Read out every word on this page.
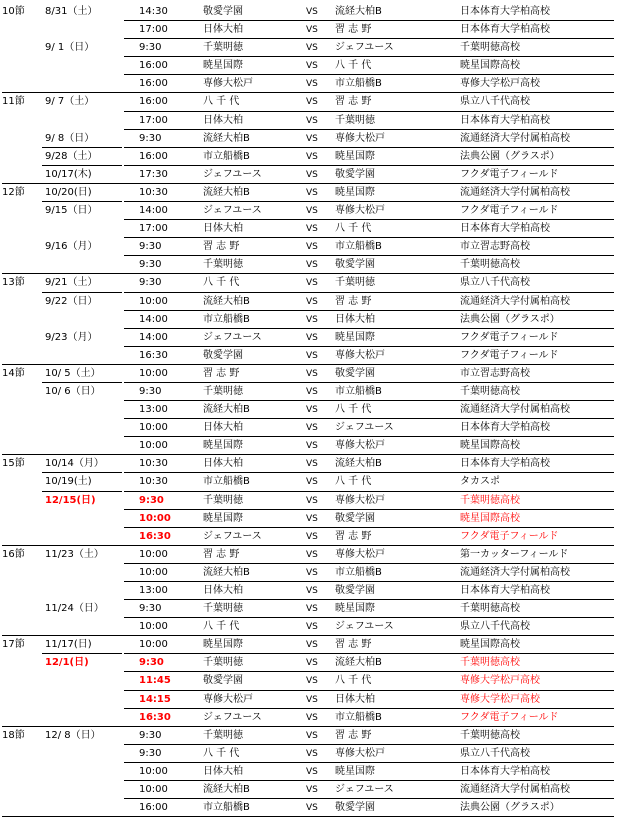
10節 8/31（土）	14:30	敬愛学園	VS 流経大柏B	日本体育大学柏高校
17:00	日体大柏	VS 習 志 野	日本体育大学柏高校
9/ 1（日）	9:30	千葉明徳	VS ジェフユース	千葉明徳高校
16:00	暁星国際	VS 八 千 代	暁星国際高校
16:00	専修大松戸	VS 市立船橋B	専修大学松戸高校
11節 9/ 7（土）	16:00	八 千 代	VS 習 志 野	県立八千代高校
17:00	日体大柏	VS 千葉明徳	日本体育大学柏高校
9/ 8（日）	9:30	流経大柏B	VS 専修大松戸	流通経済大学付属柏高校
9/28（土）	16:00	市立船橋B	VS 暁星国際	法典公園（グラスポ）
10/17(木)	17:30	ジェフユース	VS 敬愛学園	フクダ電子フィールド
12節 10/20(日)	10:30	流経大柏B	VS 暁星国際	流通経済大学付属柏高校
9/15（日）	14:00	ジェフユース	VS 専修大松戸	フクダ電子フィールド
17:00	日体大柏	VS 八 千 代	日本体育大学柏高校
9/16（月）	9:30	習 志 野	VS 市立船橋B	市立習志野高校
9:30	千葉明徳	VS 敬愛学園	千葉明徳高校
13節 9/21（土）	9:30	八 千 代	VS 千葉明徳	県立八千代高校
9/22（日）	10:00	流経大柏B	VS 習 志 野	流通経済大学付属柏高校
14:00	市立船橋B	VS 日体大柏	法典公園（グラスポ）
9/23（月）	14:00	ジェフユース	VS 暁星国際	フクダ電子フィールド
16:30	敬愛学園	VS 専修大松戸	フクダ電子フィールド
14節 10/ 5（土）	10:00	習 志 野	VS 敬愛学園	市立習志野高校
10/ 6（日）	9:30	千葉明徳	VS 市立船橋B	千葉明徳高校
13:00	流経大柏B	VS 八 千 代	流通経済大学付属柏高校
10:00	日体大柏	VS ジェフユース	日本体育大学柏高校
10:00	暁星国際	VS 専修大松戸	暁星国際高校
15節 10/14（月）	10:30	日体大柏	VS 流経大柏B	日本体育大学柏高校
10/19(土)	10:30	市立船橋B	VS 八 千 代	タカスポ
12/15(日)	9:30	千葉明徳	VS 専修大松戸	千葉明徳高校
10:00	暁星国際	VS 敬愛学園	暁星国際高校
16:30	ジェフユース	VS 習 志 野	フクダ電子フィールド
16節 11/23（土）	10:00	習 志 野	VS 専修大松戸	第一カッターフィールド
10:00	流経大柏B	VS 市立船橋B	流通経済大学付属柏高校
13:00	日体大柏	VS 敬愛学園	日本体育大学柏高校
11/24（日）	9:30	千葉明徳	VS 暁星国際	千葉明徳高校
10:00	八 千 代	VS ジェフユース	県立八千代高校
17節 11/17(日)	10:00	暁星国際	VS 習 志 野	暁星国際高校
12/1(日)	9:30	千葉明徳	VS 流経大柏B	千葉明徳高校
11:45	敬愛学園	VS 八 千 代	専修大学松戸高校
14:15	専修大松戸	VS 日体大柏	専修大学松戸高校
16:30	ジェフユース	VS 市立船橋B	フクダ電子フィールド
18節 12/ 8（日）	9:30	千葉明徳	VS 習 志 野	千葉明徳高校
9:30	八 千 代	VS 専修大松戸	県立八千代高校
10:00	日体大柏	VS 暁星国際	日本体育大学柏高校
10:00	流経大柏B	VS ジェフユース	流通経済大学付属柏高校
16:00	市立船橋B	VS 敬愛学園	法典公園（グラスポ）
